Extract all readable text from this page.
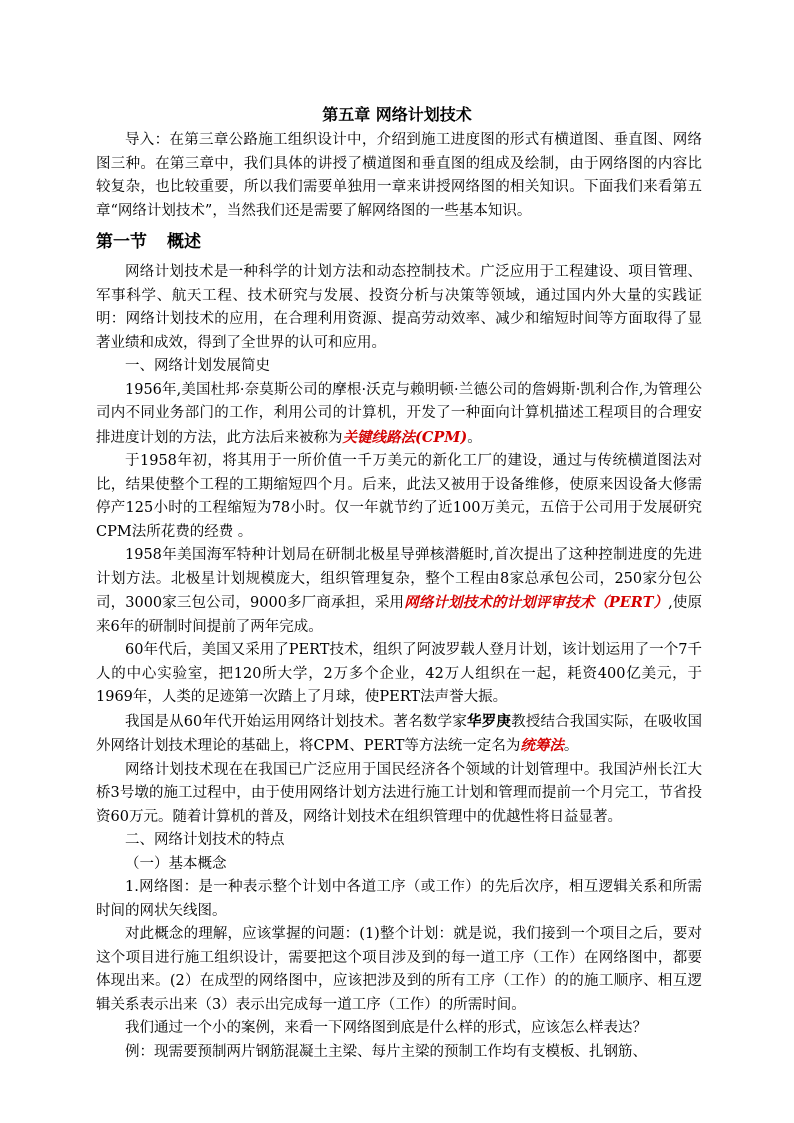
第五章 网络计划技术

导入：在第三章公路施工组织设计中，介绍到施工进度图的形式有横道图、垂直图、网络图三种。在第三章中，我们具体的讲授了横道图和垂直图的组成及绘制，由于网络图的内容比较复杂，也比较重要，所以我们需要单独用一章来讲授网络图的相关知识。下面我们来看第五章“网络计划技术”，当然我们还是需要了解网络图的一些基本知识。

第一节 概述

网络计划技术是一种科学的计划方法和动态控制技术。广泛应用于工程建设、项目管理、军事科学、航天工程、技术研究与发展、投资分析与决策等领域，通过国内外大量的实践证明：网络计划技术的应用，在合理利用资源、提高劳动效率、减少和缩短时间等方面取得了显著业绩和成效，得到了全世界的认可和应用。

一、网络计划发展简史

1956年,美国杜邦·奈莫斯公司的摩根·沃克与赖明顿·兰德公司的詹姆斯·凯利合作,为管理公司内不同业务部门的工作，利用公司的计算机，开发了一种面向计算机描述工程项目的合理安排进度计划的方法，此方法后来被称为关键线路法(CPM)。

于1958年初，将其用于一所价值一千万美元的新化工厂的建设，通过与传统横道图法对比，结果使整个工程的工期缩短四个月。后来，此法又被用于设备维修，使原来因设备大修需停产125小时的工程缩短为78小时。仅一年就节约了近100万美元，五倍于公司用于发展研究CPM法所花费的经费 。

1958年美国海军特种计划局在研制北极星导弹核潜艇时,首次提出了这种控制进度的先进计划方法。北极星计划规模庞大，组织管理复杂，整个工程由8家总承包公司，250家分包公司，3000家三包公司，9000多厂商承担，采用网络计划技术的计划评审技术（PERT）,使原来6年的研制时间提前了两年完成。

60年代后，美国又采用了PERT技术，组织了阿波罗载人登月计划，该计划运用了一个7千人的中心实验室，把120所大学，2万多个企业，42万人组织在一起，耗资400亿美元，于1969年，人类的足迹第一次踏上了月球，使PERT法声誉大振。

我国是从60年代开始运用网络计划技术。著名数学家华罗庚教授结合我国实际，在吸收国外网络计划技术理论的基础上，将CPM、PERT等方法统一定名为统筹法。

网络计划技术现在在我国已广泛应用于国民经济各个领域的计划管理中。我国泸州长江大桥3号墩的施工过程中，由于使用网络计划方法进行施工计划和管理而提前一个月完工，节省投资60万元。随着计算机的普及，网络计划技术在组织管理中的优越性将日益显著。

二、网络计划技术的特点

（一）基本概念

1.网络图：是一种表示整个计划中各道工序（或工作）的先后次序，相互逻辑关系和所需时间的网状矢线图。

对此概念的理解，应该掌握的问题：(1)整个计划：就是说，我们接到一个项目之后，要对这个项目进行施工组织设计，需要把这个项目涉及到的每一道工序（工作）在网络图中，都要体现出来。(2）在成型的网络图中，应该把涉及到的所有工序（工作）的的施工顺序、相互逻辑关系表示出来（3）表示出完成每一道工序（工作）的所需时间。

我们通过一个小的案例，来看一下网络图到底是什么样的形式，应该怎么样表达？

例：现需要预制两片钢筋混凝土主梁、每片主梁的预制工作均有支模板、扎钢筋、
